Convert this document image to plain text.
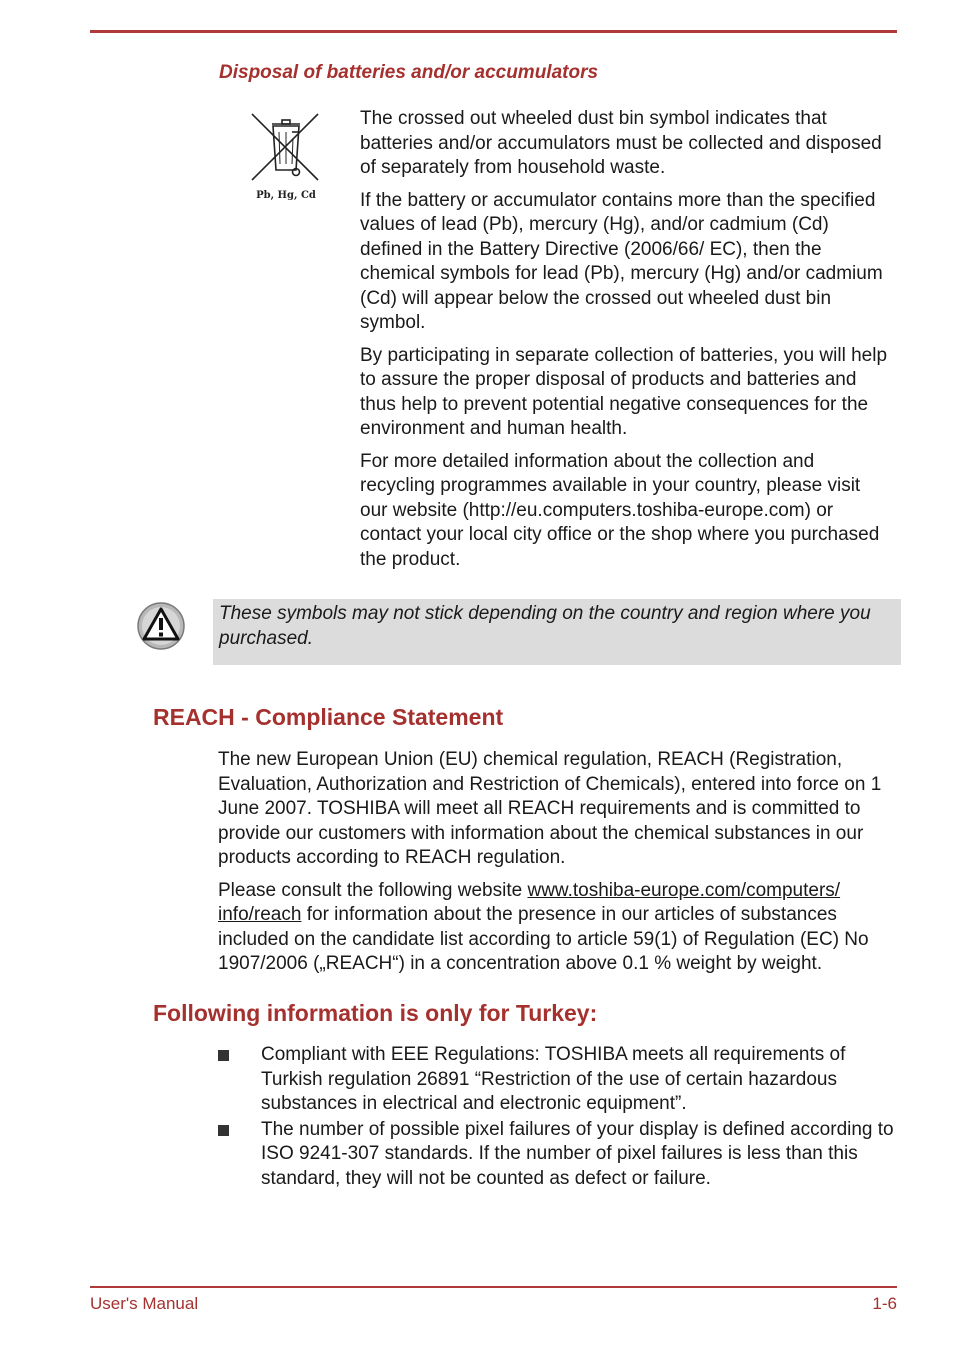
Disposal of batteries and/or accumulators
Pb, Hg, Cd

The crossed out wheeled dust bin symbol indicates that batteries and/or accumulators must be collected and disposed of separately from household waste.

If the battery or accumulator contains more than the specified values of lead (Pb), mercury (Hg), and/or cadmium (Cd) defined in the Battery Directive (2006/66/ EC), then the chemical symbols for lead (Pb), mercury (Hg) and/or cadmium (Cd) will appear below the crossed out wheeled dust bin symbol.

By participating in separate collection of batteries, you will help to assure the proper disposal of products and batteries and thus help to prevent potential negative consequences for the environment and human health.

For more detailed information about the collection and recycling programmes available in your country, please visit our website (http://eu.computers.toshiba-europe.com) or contact your local city office or the shop where you purchased the product.

These symbols may not stick depending on the country and region where you purchased.
REACH - Compliance Statement

The new European Union (EU) chemical regulation, REACH (Registration, Evaluation, Authorization and Restriction of Chemicals), entered into force on 1 June 2007. TOSHIBA will meet all REACH requirements and is committed to provide our customers with information about the chemical substances in our products according to REACH regulation.

Please consult the following website www.toshiba-europe.com/computers/ info/reach for information about the presence in our articles of substances included on the candidate list according to article 59(1) of Regulation (EC) No 1907/2006 („REACH“) in a concentration above 0.1 % weight by weight.

Following information is only for Turkey:
Compliant with EEE Regulations: TOSHIBA meets all requirements of Turkish regulation 26891 “Restriction of the use of certain hazardous substances in electrical and electronic equipment”.
The number of possible pixel failures of your display is defined according to ISO 9241-307 standards. If the number of pixel failures is less than this standard, they will not be counted as defect or failure.
User's Manual	1-6
